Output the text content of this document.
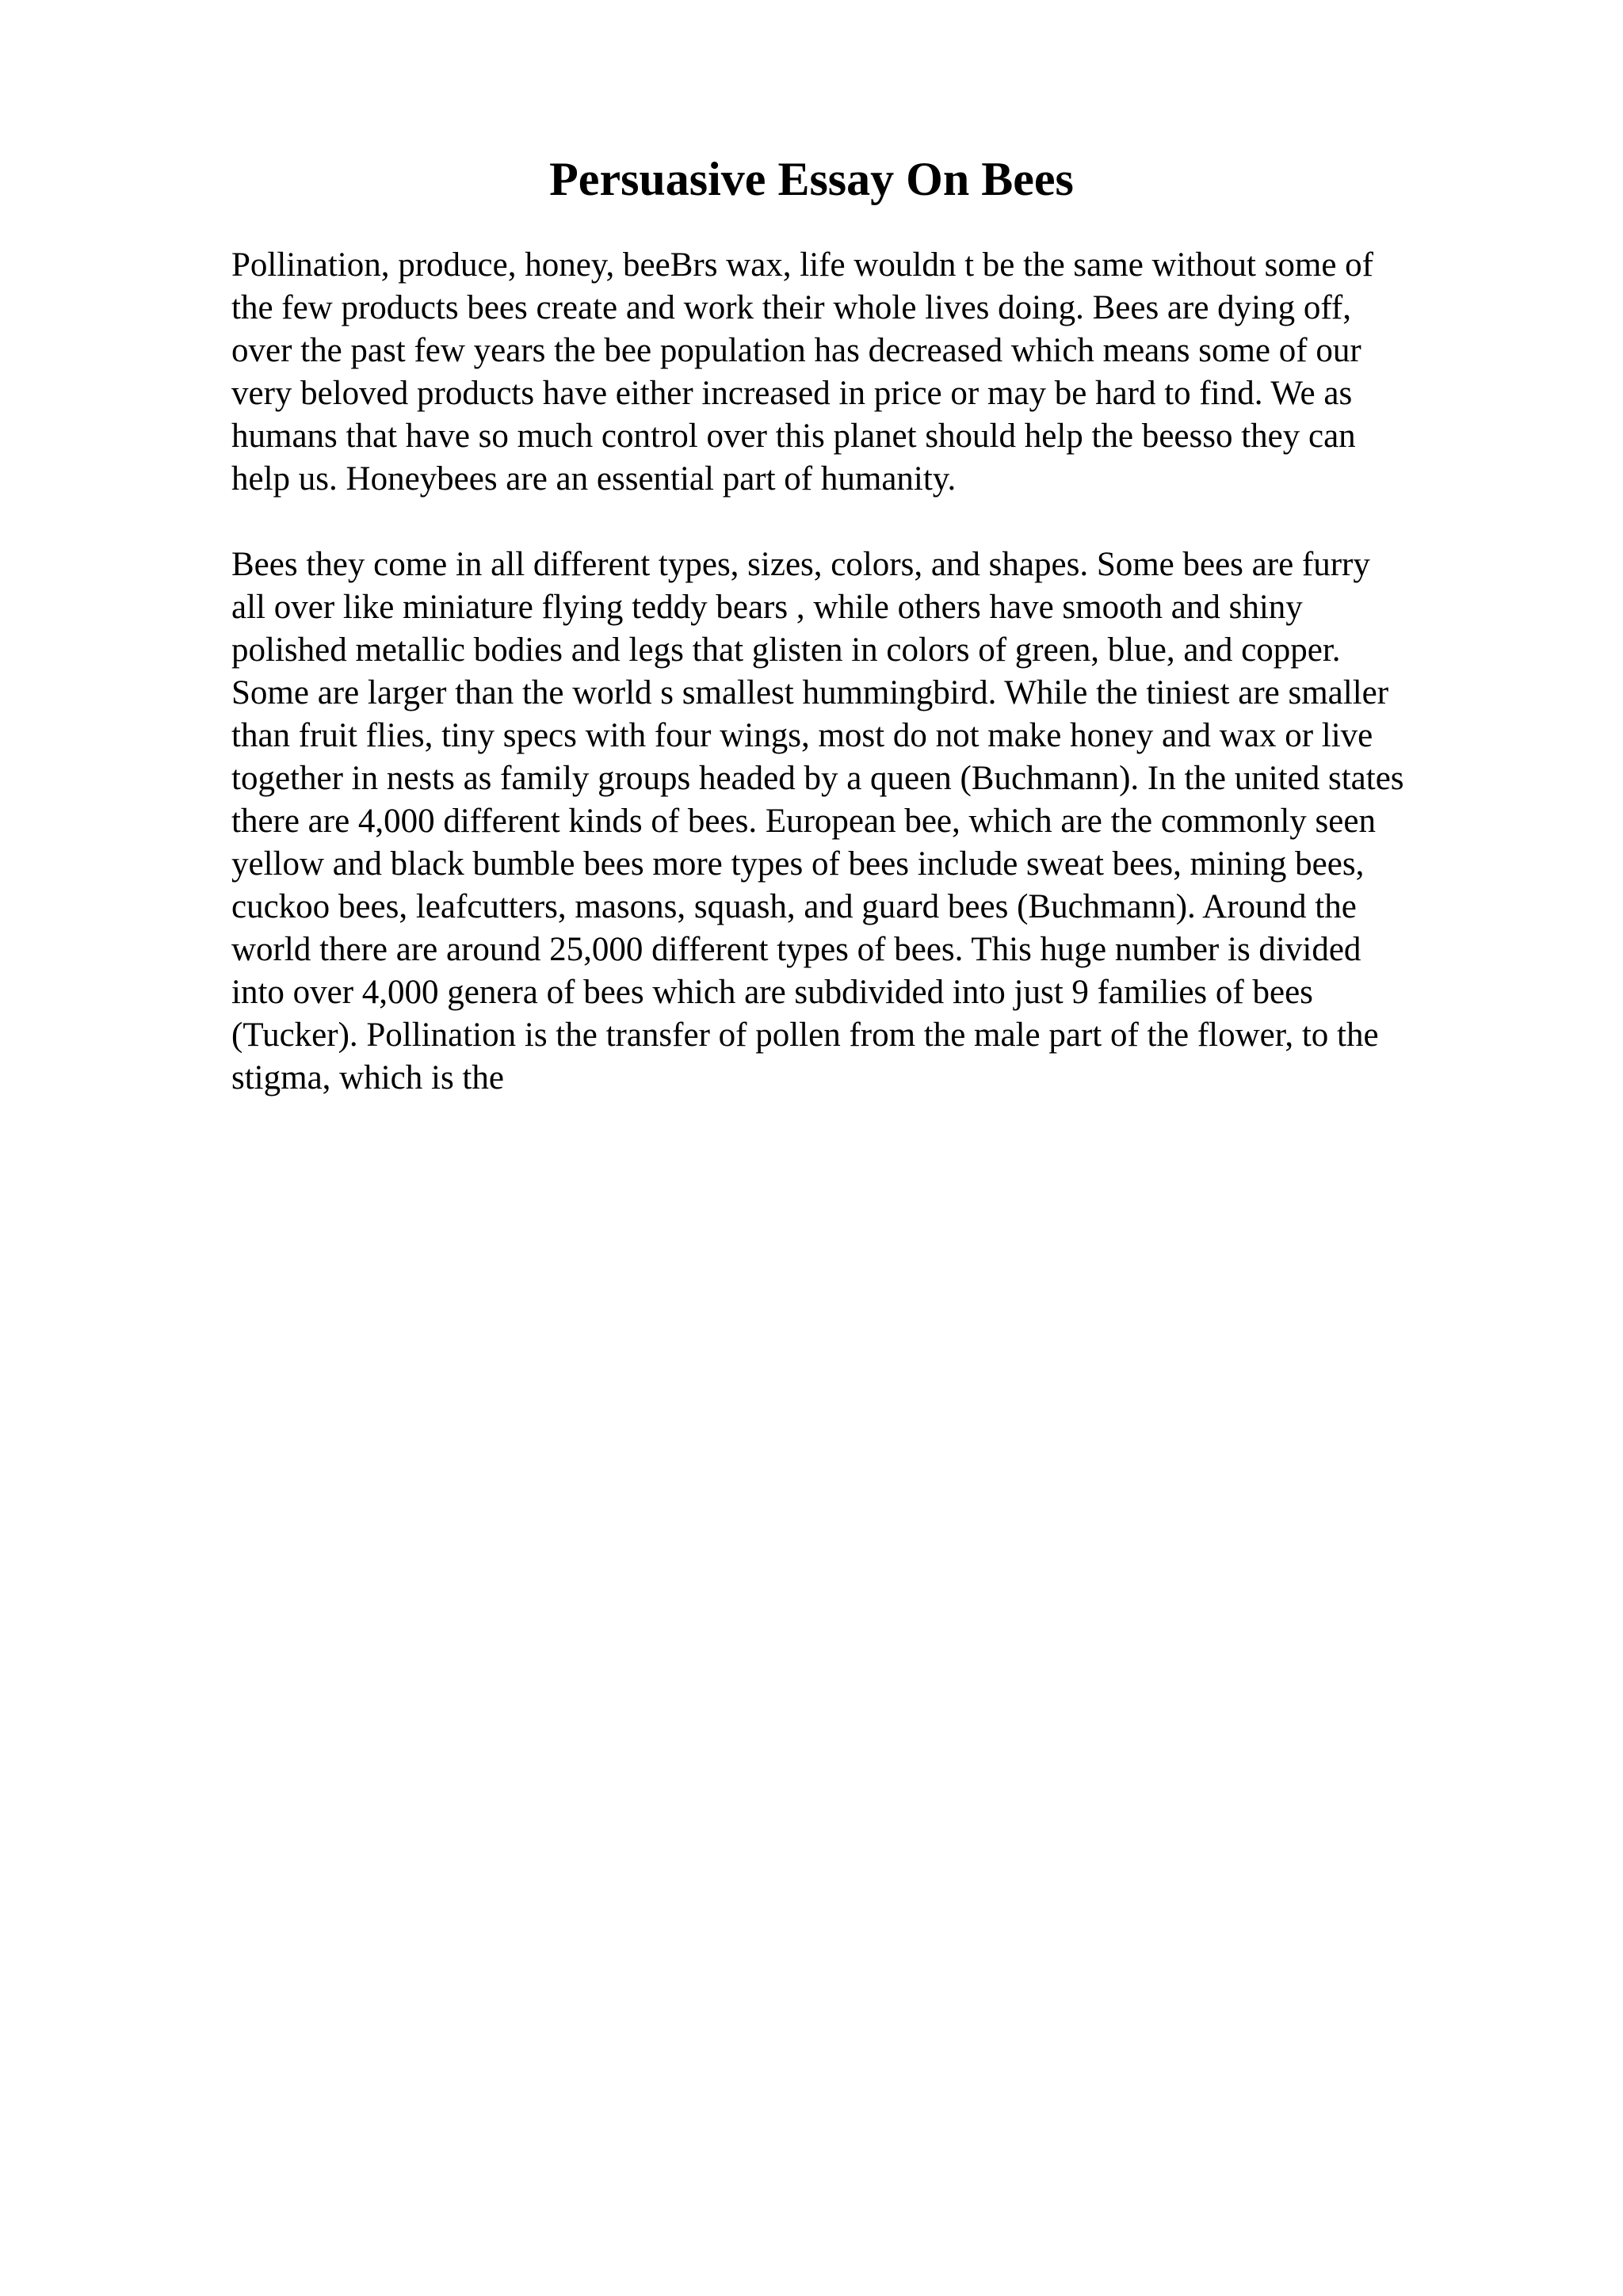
Persuasive Essay On Bees

Pollination, produce, honey, beeBrs wax, life wouldn t be the same without some of
the few products bees create and work their whole lives doing. Bees are dying off,
over the past few years the bee population has decreased which means some of our
very beloved products have either increased in price or may be hard to find. We as
humans that have so much control over this planet should help the beesso they can
help us. Honeybees are an essential part of humanity.

Bees they come in all different types, sizes, colors, and shapes. Some bees are furry
all over like miniature flying teddy bears , while others have smooth and shiny
polished metallic bodies and legs that glisten in colors of green, blue, and copper.
Some are larger than the world s smallest hummingbird. While the tiniest are smaller
than fruit flies, tiny specs with four wings, most do not make honey and wax or live
together in nests as family groups headed by a queen (Buchmann). In the united states
there are 4,000 different kinds of bees. European bee, which are the commonly seen
yellow and black bumble bees more types of bees include sweat bees, mining bees,
cuckoo bees, leafcutters, masons, squash, and guard bees (Buchmann). Around the
world there are around 25,000 different types of bees. This huge number is divided
into over 4,000 genera of bees which are subdivided into just 9 families of bees
(Tucker). Pollination is the transfer of pollen from the male part of the flower, to the
stigma, which is the
